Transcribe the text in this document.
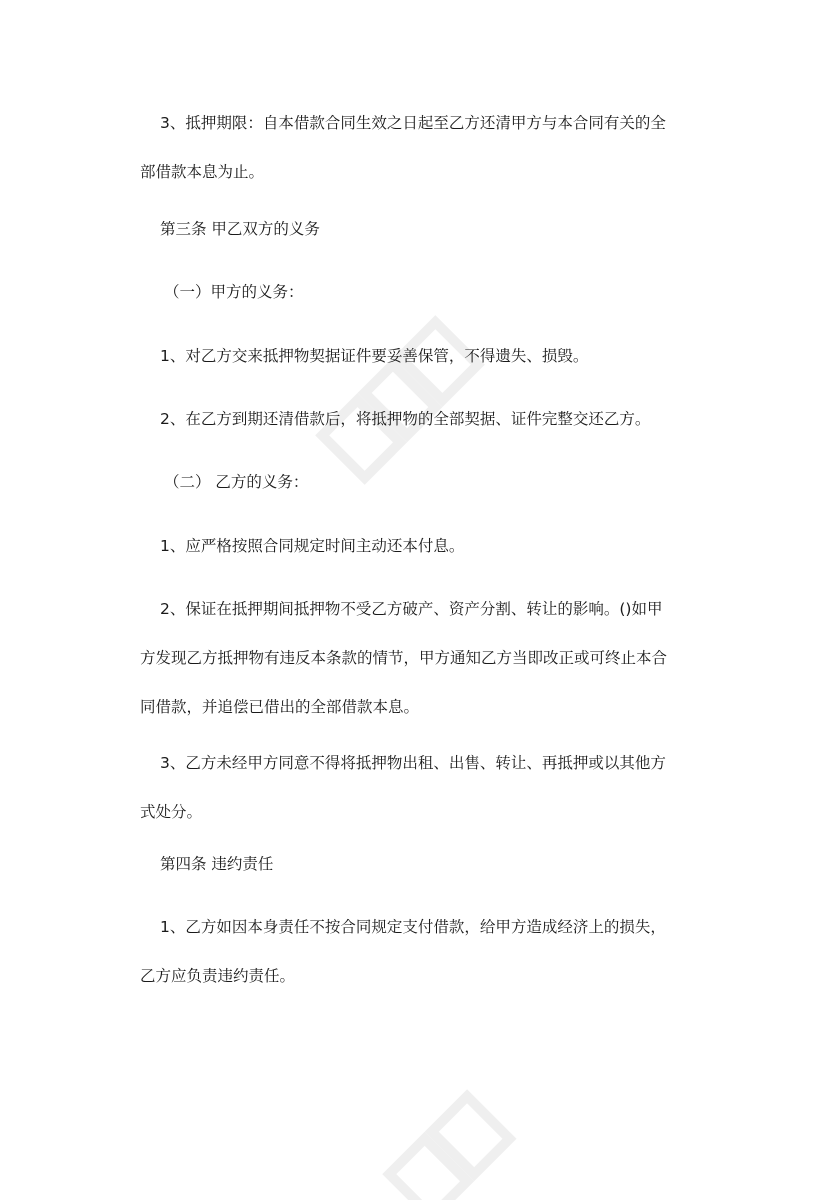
3、抵押期限：自本借款合同生效之日起至乙方还清甲方与本合同有关的全
部借款本息为止。

第三条 甲乙双方的义务

（一）甲方的义务：

1、对乙方交来抵押物契据证件要妥善保管，不得遗失、损毁。

2、在乙方到期还清借款后，将抵押物的全部契据、证件完整交还乙方。

（二） 乙方的义务：

1、应严格按照合同规定时间主动还本付息。

2、保证在抵押期间抵押物不受乙方破产、资产分割、转让的影响。()如甲
方发现乙方抵押物有违反本条款的情节，甲方通知乙方当即改正或可终止本合
同借款，并追偿已借出的全部借款本息。

3、乙方未经甲方同意不得将抵押物出租、出售、转让、再抵押或以其他方
式处分。

第四条 违约责任

1、乙方如因本身责任不按合同规定支付借款，给甲方造成经济上的损失，
乙方应负责违约责任。
